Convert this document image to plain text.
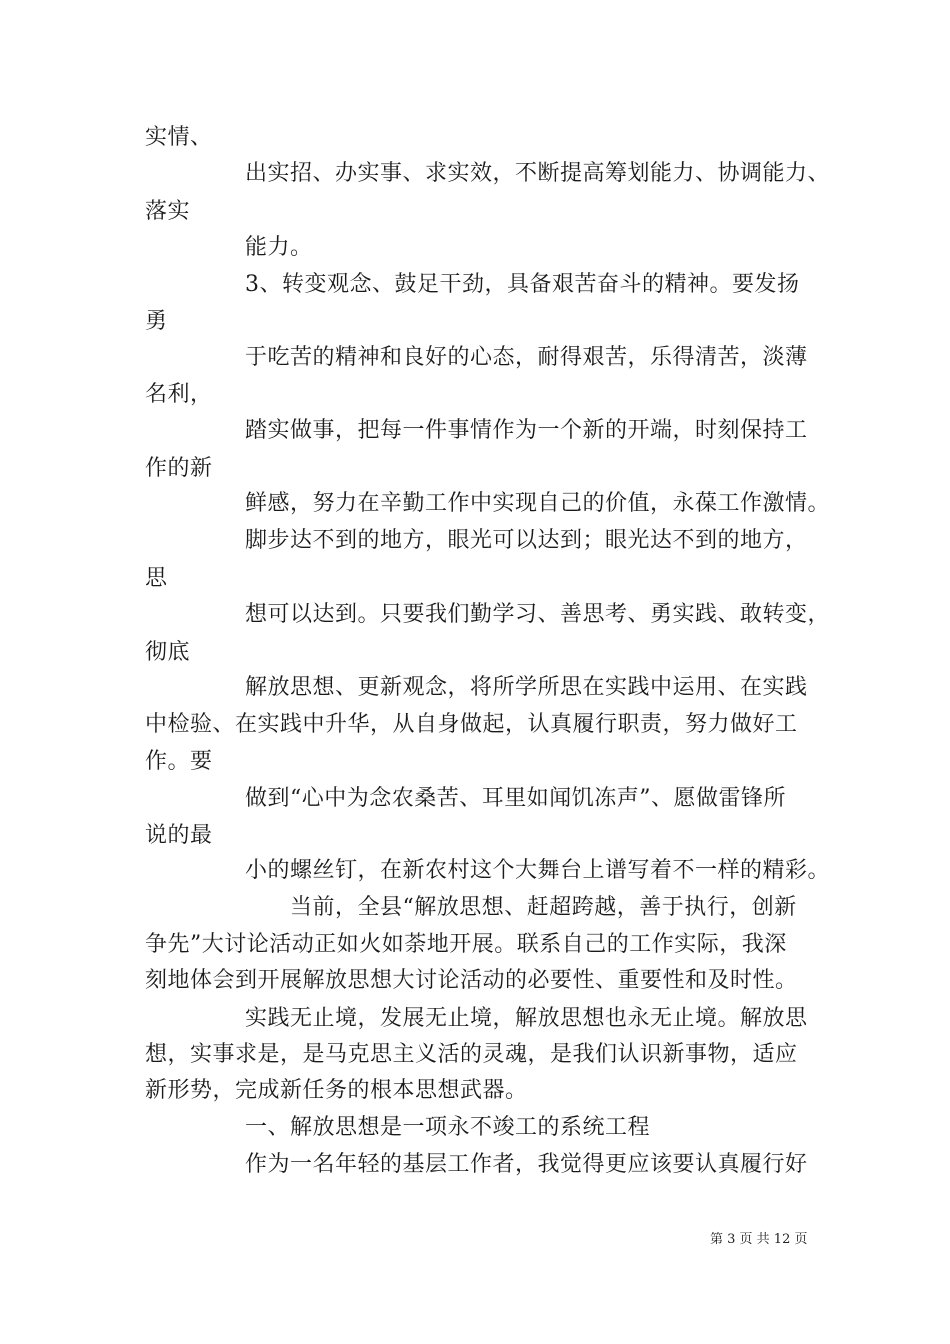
实情、
出实招、办实事、求实效，不断提高筹划能力、协调能力、
落实
能力。
3、转变观念、鼓足干劲，具备艰苦奋斗的精神。要发扬
勇
于吃苦的精神和良好的心态，耐得艰苦，乐得清苦，淡薄
名利，
踏实做事，把每一件事情作为一个新的开端，时刻保持工
作的新
鲜感，努力在辛勤工作中实现自己的价值，永葆工作激情。
脚步达不到的地方，眼光可以达到；眼光达不到的地方，
思
想可以达到。只要我们勤学习、善思考、勇实践、敢转变，
彻底
解放思想、更新观念，将所学所思在实践中运用、在实践
中检验、在实践中升华，从自身做起，认真履行职责，努力做好工
作。要
做到“心中为念农桑苦、耳里如闻饥冻声”、愿做雷锋所
说的最
小的螺丝钉，在新农村这个大舞台上谱写着不一样的精彩。
当前，全县“解放思想、赶超跨越，善于执行，创新
争先”大讨论活动正如火如荼地开展。联系自己的工作实际，我深
刻地体会到开展解放思想大讨论活动的必要性、重要性和及时性。
实践无止境，发展无止境，解放思想也永无止境。解放思
想，实事求是，是马克思主义活的灵魂，是我们认识新事物，适应
新形势，完成新任务的根本思想武器。
一、解放思想是一项永不竣工的系统工程
作为一名年轻的基层工作者，我觉得更应该要认真履行好
第 3 页 共 12 页
